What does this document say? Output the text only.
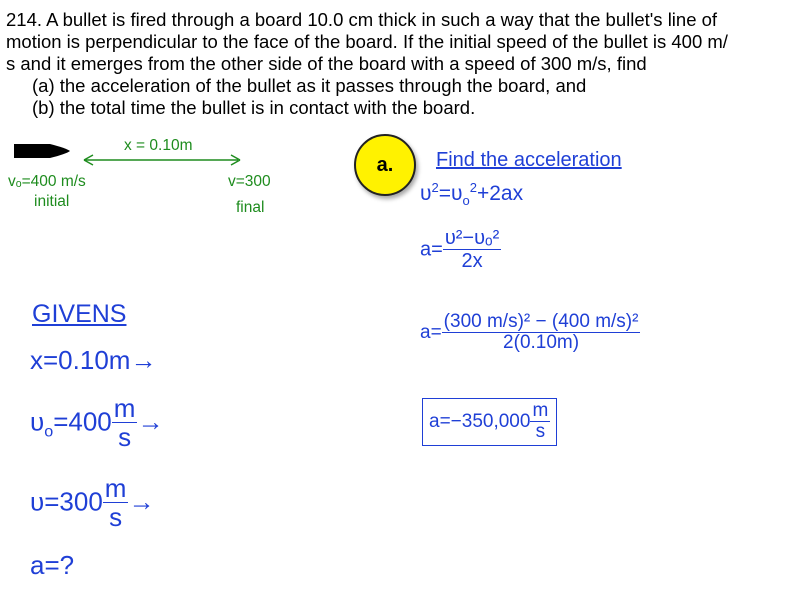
214. A bullet is fired through a board 10.0 cm thick in such a way that the bullet's line of
motion is perpendicular to the face of the board. If the initial speed of the bullet is 400 m/
s and it emerges from the other side of the board with a speed of 300 m/s, find
(a) the acceleration of the bullet as it passes through the board, and
(b) the total time the bullet is in contact with the board.
x = 0.10m
vₒ=400 m/s
initial
v=300
final
GIVENS
x=0.10m→
$\upsilon_o=400 \frac{m}{s}$ →
$\upsilon=300 \frac{m}{s}$ →
a=?
a.	Find the acceleration
$\upsilon^2=\upsilon_o^2+2ax$
$a= \frac{\text{υ²−υₒ²}}{2x}$
$a= \frac{\text{(300 m/s)² − (400 m/s)²}}{2(0.10m)}$
$a=-350,000 \frac{m}{s}$
